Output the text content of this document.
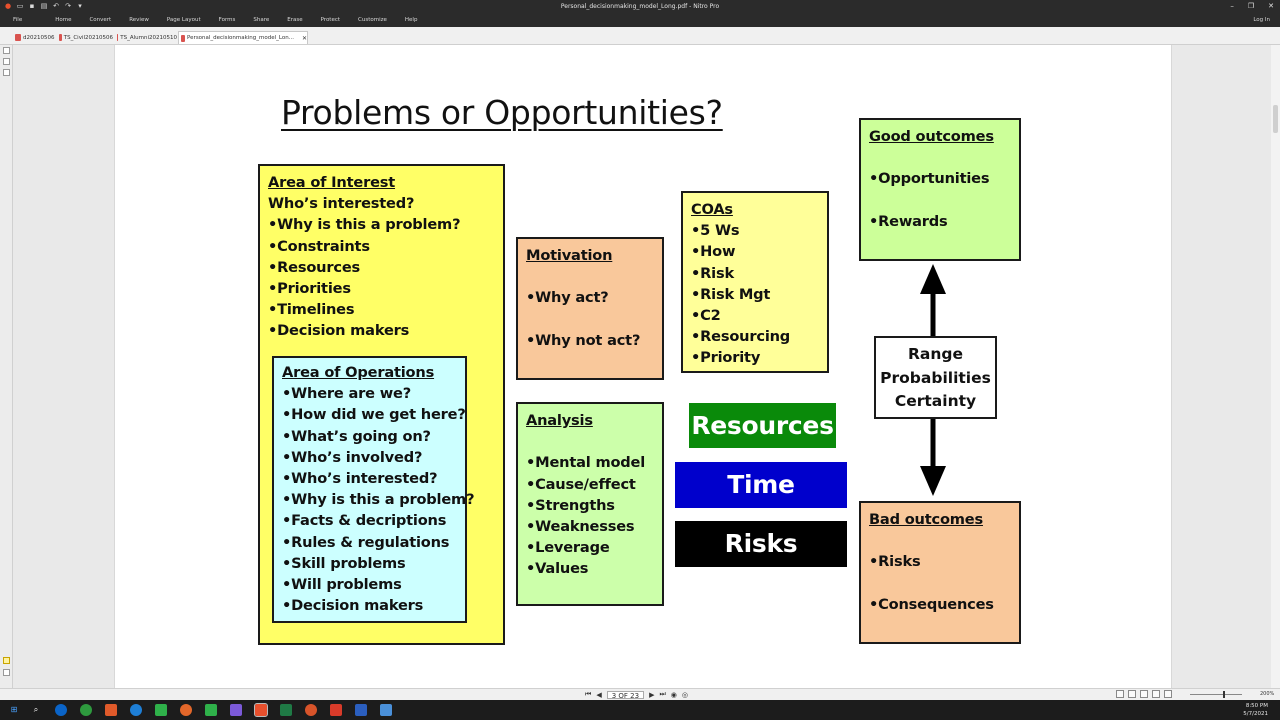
● ▭ ▪ ▤ ↶ ↷	▾	Personal_decisionmaking_model_Long.pdf - Nitro Pro	– ❐ ✕
File	Home	Convert	Review	Page Layout	Forms	Share	Erase	Protect	Customize	Help	Log In
d20210506 TS_Civil20210506 TS_Alumni20210510 Personal_decisionmaking_model_Lon... ✕
Problems or Opportunities?
Area of Interest
Who’s interested?
•Why is this a problem?
•Constraints
•Resources
•Priorities
•Timelines
•Decision makers
Area of Operations
•Where are we?
•How did we get here?
•What’s going on?
•Who’s involved?
•Who’s interested?
•Why is this a problem?
•Facts & decriptions
•Rules & regulations
•Skill problems
•Will problems
•Decision makers
Motivation
•Why act?
•Why not act?
Analysis
•Mental model
•Cause/effect
•Strengths
•Weaknesses
•Leverage
•Values
COAs
•5 Ws
•How
•Risk
•Risk Mgt
•C2
•Resourcing
•Priority
Good outcomes
•Opportunities
•Rewards
Bad outcomes
•Risks
•Consequences
Range
Probabilities
Certainty
Resources
Time
Risks
⏮ ◀	3 OF 23	▶ ⏭ ◉ ◎	200%
⊞	⌕	8:50 PM
5/7/2021
